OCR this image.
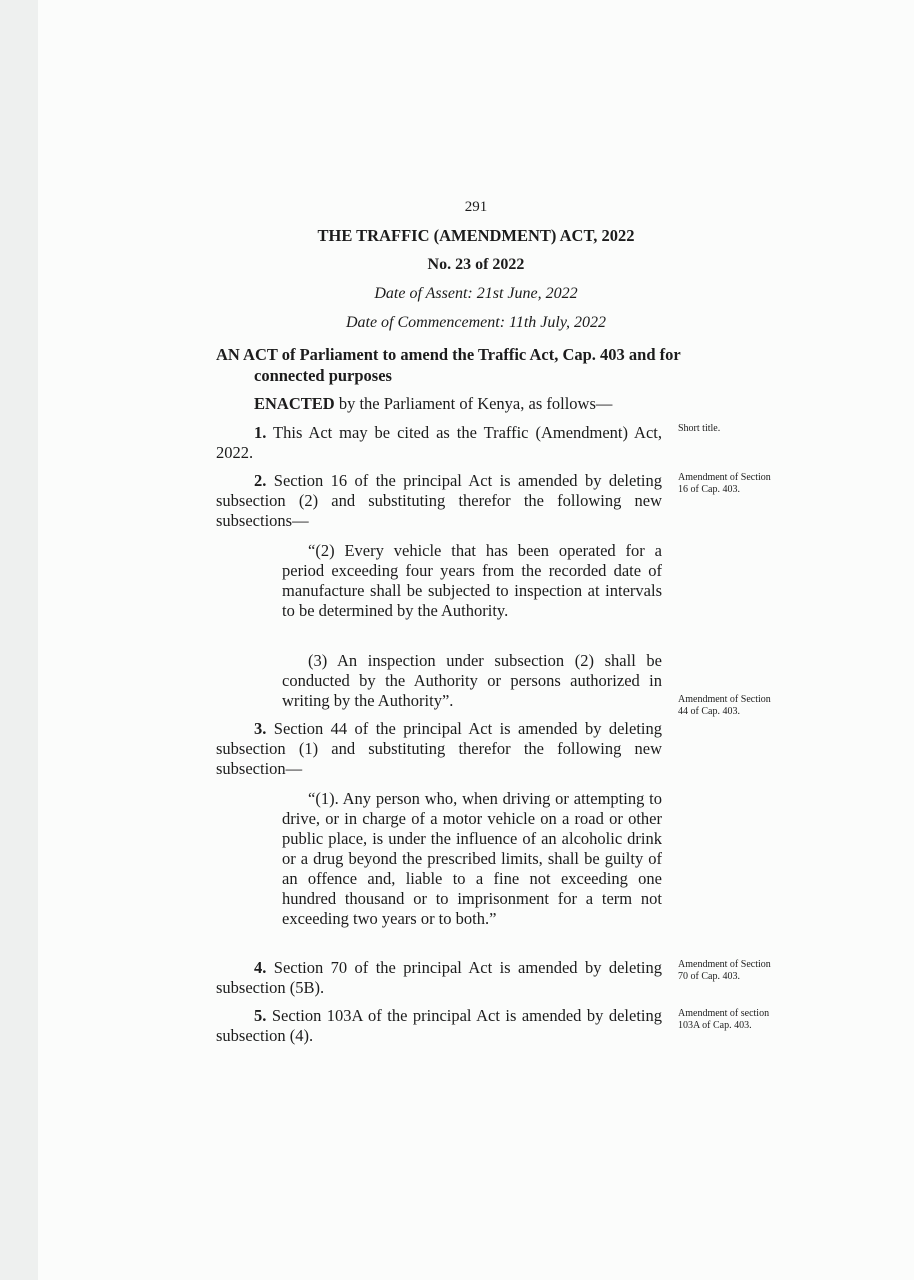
291

THE TRAFFIC (AMENDMENT) ACT, 2022

No. 23 of 2022

Date of Assent: 21st June, 2022

Date of Commencement: 11th July, 2022

AN ACT of Parliament to amend the Traffic Act, Cap. 403 and for connected purposes

ENACTED by the Parliament of Kenya, as follows—

1. This Act may be cited as the Traffic (Amendment) Act, 2022.

Short title.

2. Section 16 of the principal Act is amended by deleting subsection (2) and substituting therefor the following new subsections—

Amendment of Section 16 of Cap. 403.

“(2) Every vehicle that has been operated for a period exceeding four years from the recorded date of manufacture shall be subjected to inspection at intervals to be determined by the Authority.

(3) An inspection under subsection (2) shall be conducted by the Authority or persons authorized in writing by the Authority”.	Amendment of Section 44 of Cap. 403.

3. Section 44 of the principal Act is amended by deleting subsection (1) and substituting therefor the following new subsection—

“(1). Any person who, when driving or attempting to drive, or in charge of a motor vehicle on a road or other public place, is under the influence of an alcoholic drink or a drug beyond the prescribed limits, shall be guilty of an offence and, liable to a fine not exceeding one hundred thousand or to imprisonment for a term not exceeding two years or to both.”

4. Section 70 of the principal Act is amended by deleting subsection (5B).

Amendment of Section 70 of Cap. 403.

5. Section 103A of the principal Act is amended by deleting subsection (4).

Amendment of section 103A of Cap. 403.
